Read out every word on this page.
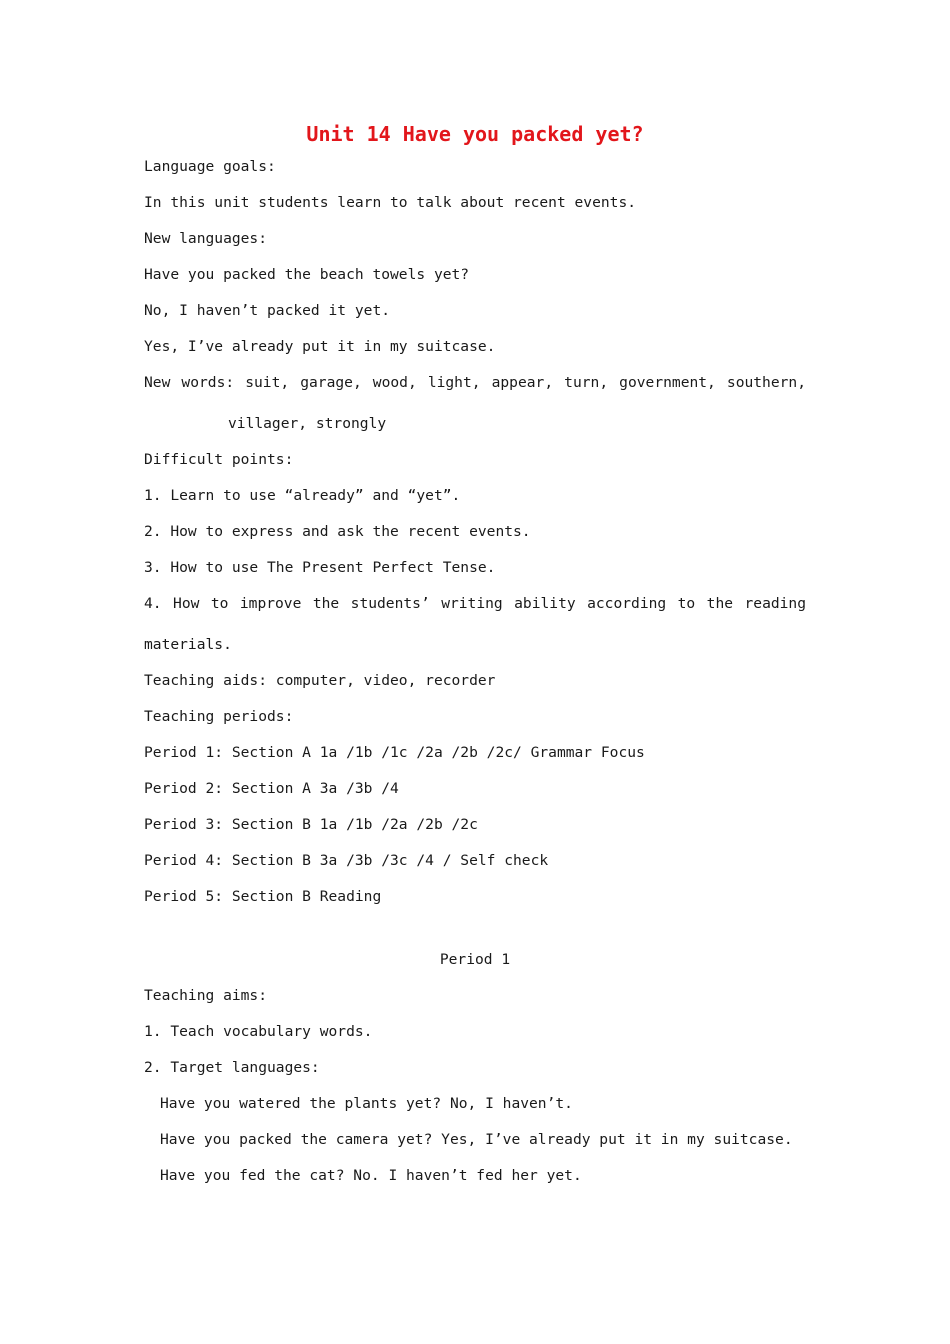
Unit 14 Have you packed yet?
Language goals:
In this unit students learn to talk about recent events.
New languages:
Have you packed the beach towels yet?
No, I haven’t packed it yet.
Yes, I’ve already put it in my suitcase.
New words: suit, garage, wood, light, appear, turn, government, southern,
villager, strongly
Difficult points:
1. Learn to use “already” and “yet”.
2. How to express and ask the recent events.
3. How to use The Present Perfect Tense.
4. How to improve the students’ writing ability according to the reading
materials.
Teaching aids: computer, video, recorder
Teaching periods:
Period 1: Section A 1a /1b /1c /2a /2b /2c/ Grammar Focus
Period 2: Section A 3a /3b /4
Period 3: Section B 1a /1b /2a /2b /2c
Period 4: Section B 3a /3b /3c /4 / Self check
Period 5: Section B Reading
Period 1
Teaching aims:
1. Teach vocabulary words.
2. Target languages:
Have you watered the plants yet? No, I haven’t.
Have you packed the camera yet? Yes, I’ve already put it in my suitcase.
Have you fed the cat? No. I haven’t fed her yet.
